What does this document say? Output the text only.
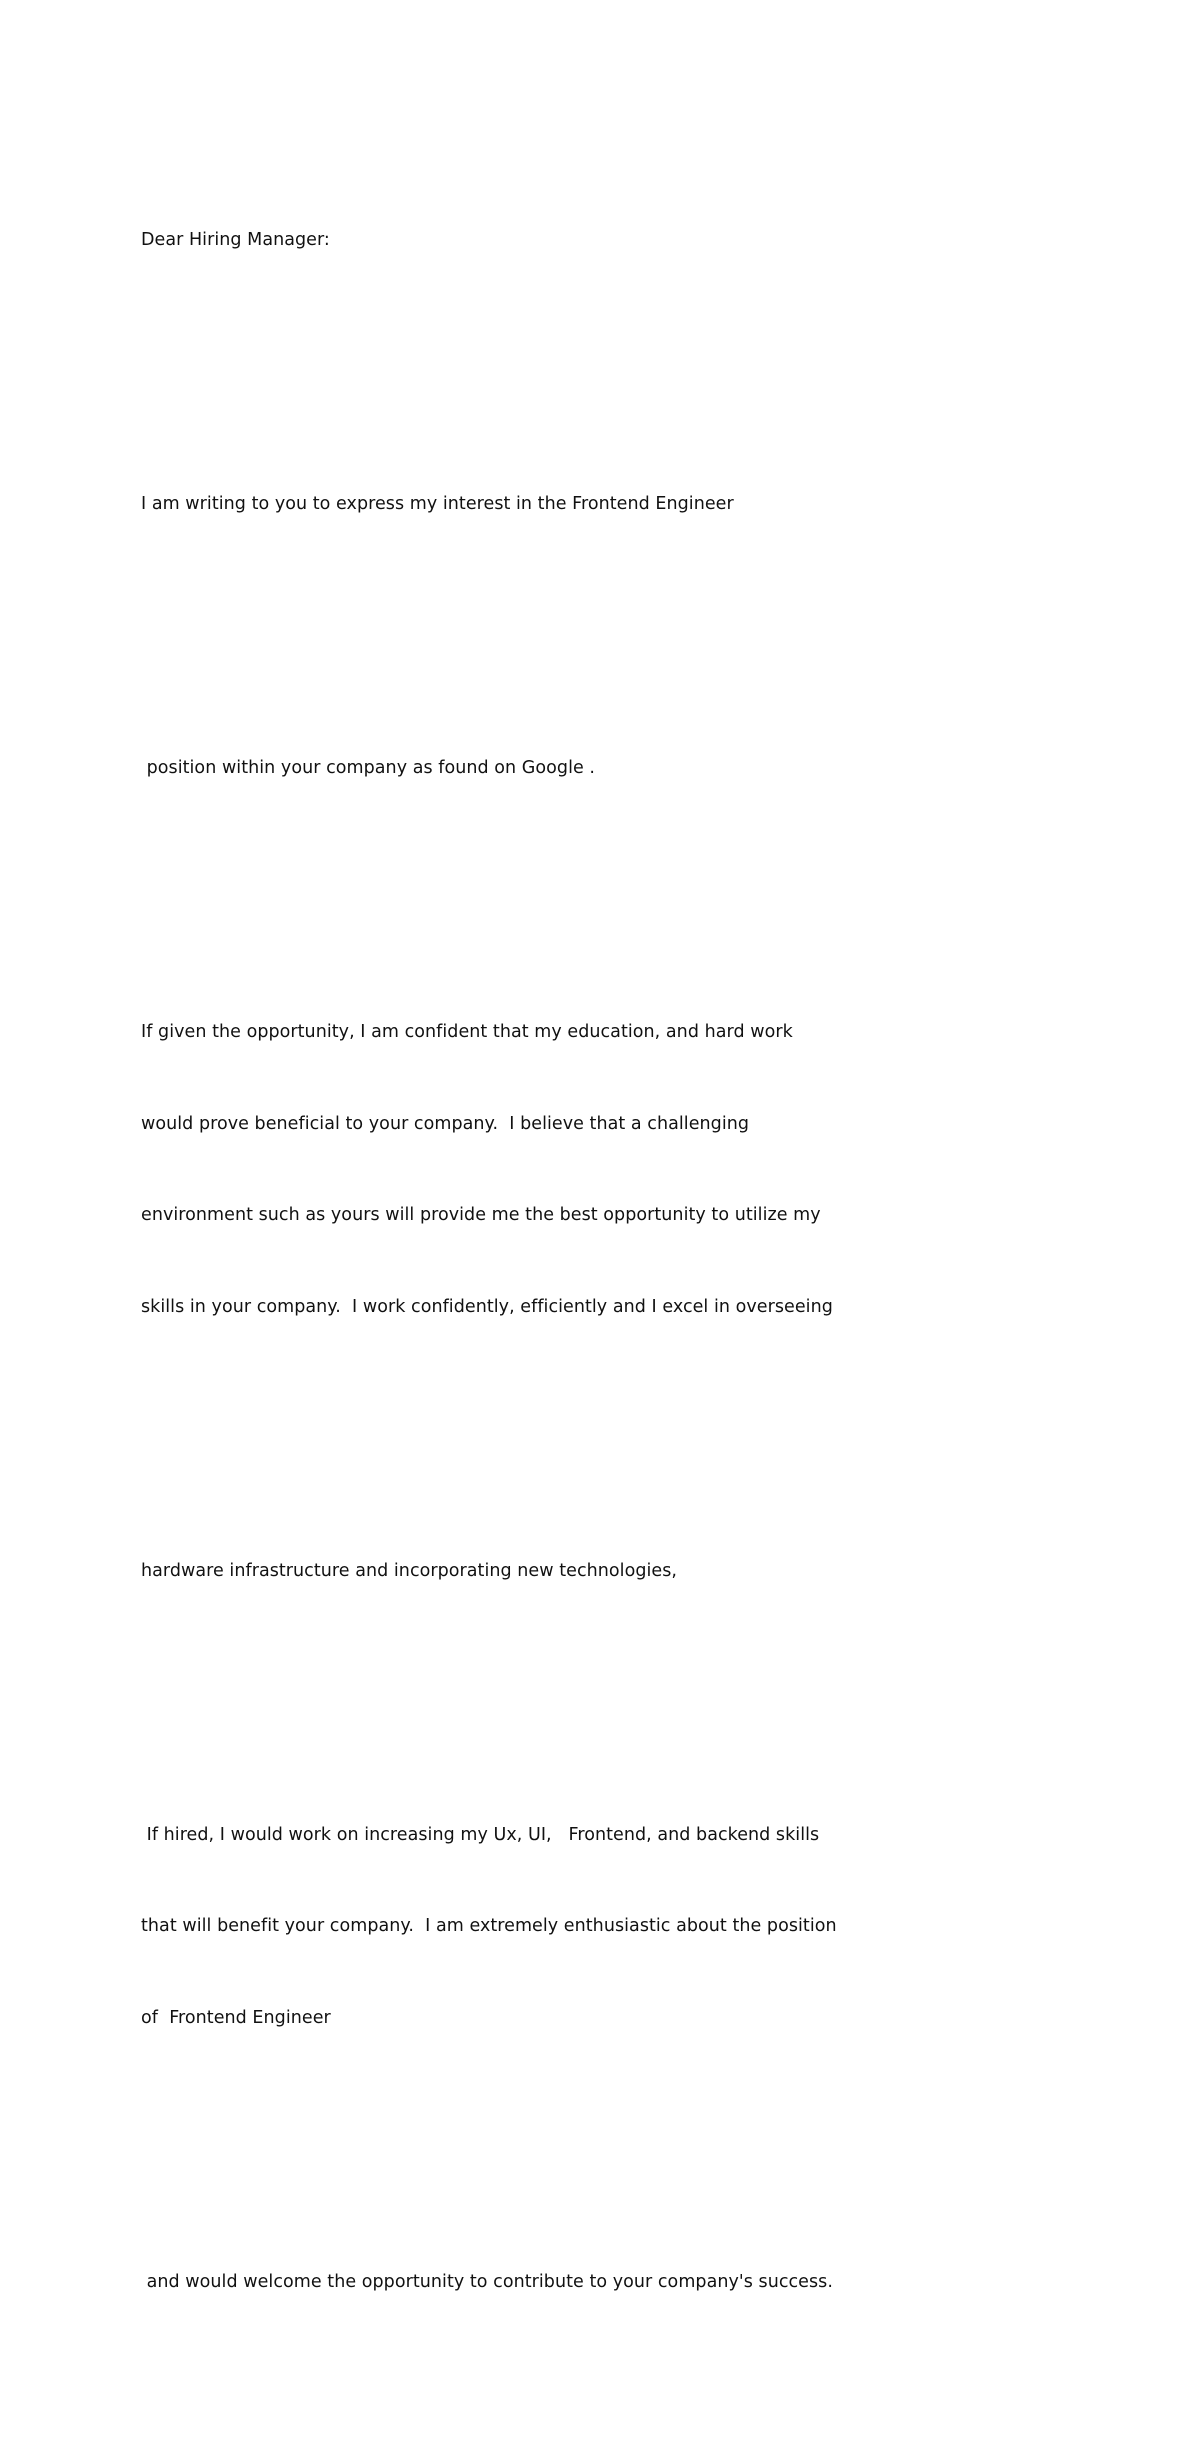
Dear Hiring Manager:

I am writing to you to express my interest in the Frontend Engineer

position within your company as found on Google .

If given the opportunity, I am confident that my education, and hard work

would prove beneficial to your company.  I believe that a challenging

environment such as yours will provide me the best opportunity to utilize my

skills in your company.  I work confidently, efficiently and I excel in overseeing

hardware infrastructure and incorporating new technologies,

If hired, I would work on increasing my Ux, UI,   Frontend, and backend skills

that will benefit your company.  I am extremely enthusiastic about the position

of  Frontend Engineer

and would welcome the opportunity to contribute to your company's success.
